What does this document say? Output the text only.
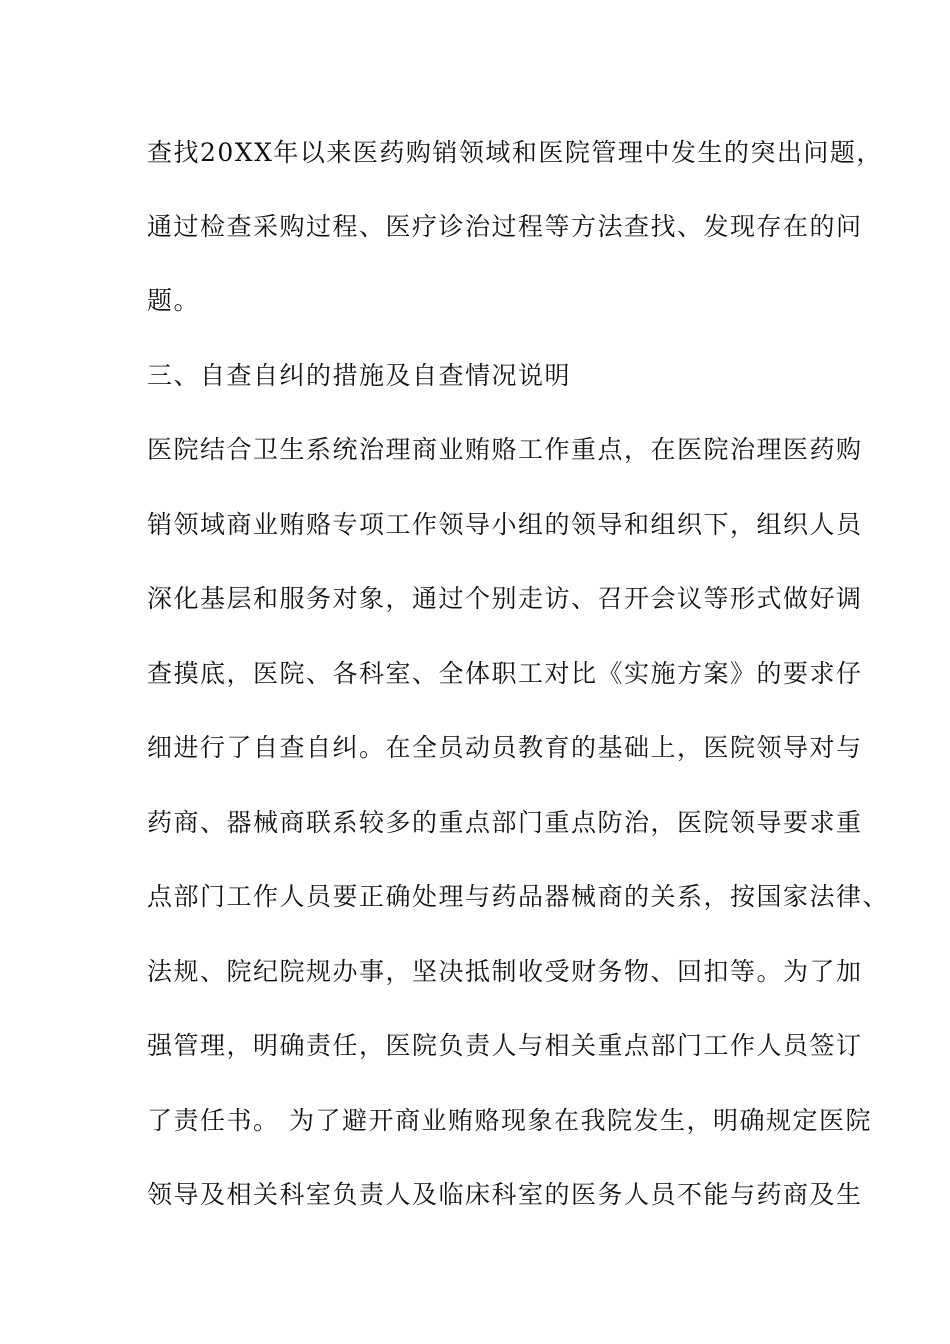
查找20XX年以来医药购销领域和医院管理中发生的突出问题，
通过检查采购过程、医疗诊治过程等方法查找、发现存在的问
题。
三、自查自纠的措施及自查情况说明
医院结合卫生系统治理商业贿赂工作重点，在医院治理医药购
销领域商业贿赂专项工作领导小组的领导和组织下，组织人员
深化基层和服务对象，通过个别走访、召开会议等形式做好调
查摸底，医院、各科室、全体职工对比《实施方案》的要求仔
细进行了自查自纠。在全员动员教育的基础上，医院领导对与
药商、器械商联系较多的重点部门重点防治，医院领导要求重
点部门工作人员要正确处理与药品器械商的关系，按国家法律、
法规、院纪院规办事，坚决抵制收受财务物、回扣等。为了加
强管理，明确责任，医院负责人与相关重点部门工作人员签订
了责任书。 为了避开商业贿赂现象在我院发生，明确规定医院
领导及相关科室负责人及临床科室的医务人员不能与药商及生
